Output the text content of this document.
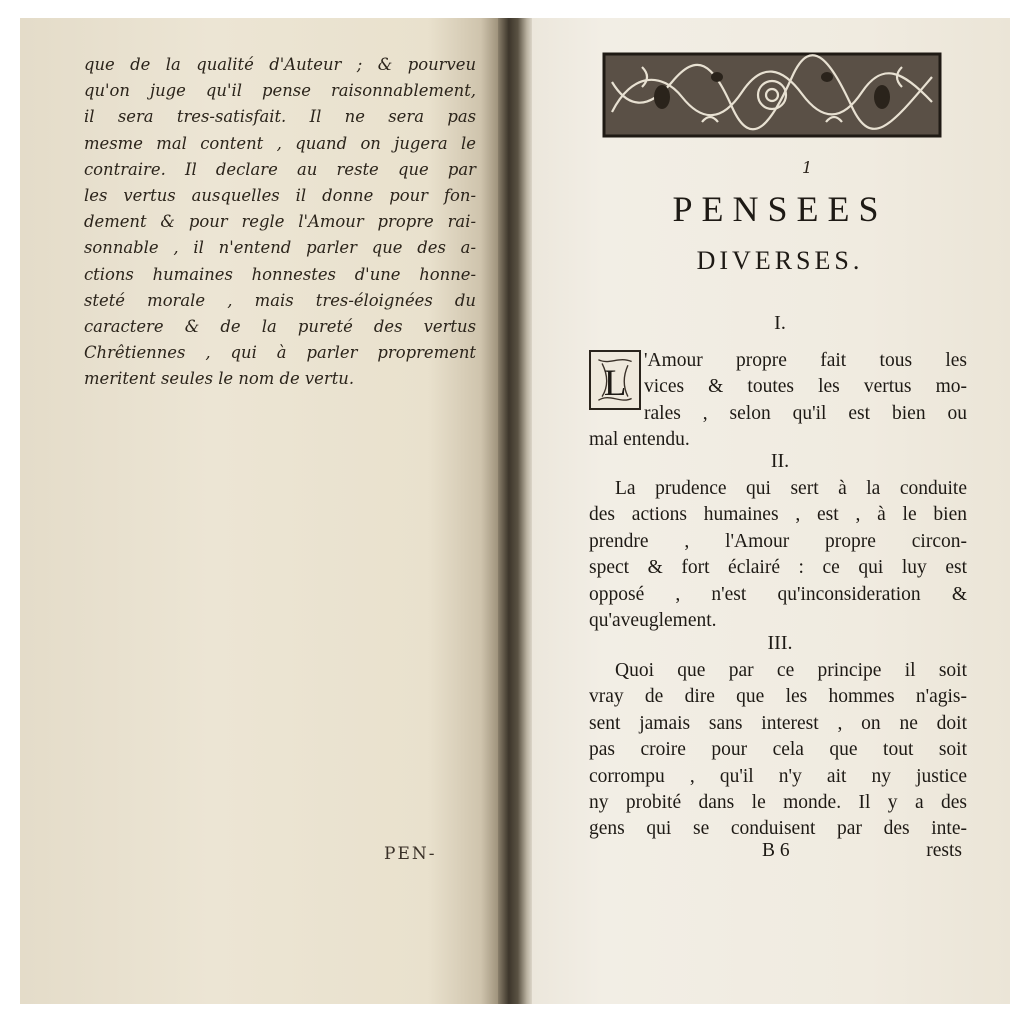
que de la qualité d'Auteur ; & pourveu
qu'on juge qu'il pense raisonnablement,
il sera tres-satisfait. Il ne sera pas
mesme mal content , quand on jugera le
contraire. Il declare au reste que par
les vertus ausquelles il donne pour fon-
dement & pour regle l'Amour propre rai-
sonnable , il n'entend parler que des a-
ctions humaines honnestes d'une honne-
steté morale , mais tres-éloignées du
caractere & de la pureté des vertus
Chrêtiennes , qui à parler proprement
meritent seules le nom de vertu.
PEN-
1
PENSEES
DIVERSES.
I.
L
'Amour propre fait tous les
vices & toutes les vertus mo-
rales , selon qu'il est bien ou
mal entendu.
II.
La prudence qui sert à la conduite
des actions humaines , est , à le bien
prendre , l'Amour propre circon-
spect & fort éclairé : ce qui luy est
opposé , n'est qu'inconsideration &
qu'aveuglement.
III.
Quoi que par ce principe il soit
vray de dire que les hommes n'agis-
sent jamais sans interest , on ne doit
pas croire pour cela que tout soit
corrompu , qu'il n'y ait ny justice
ny probité dans le monde. Il y a des
gens qui se conduisent par des inte-
B 6	rests
